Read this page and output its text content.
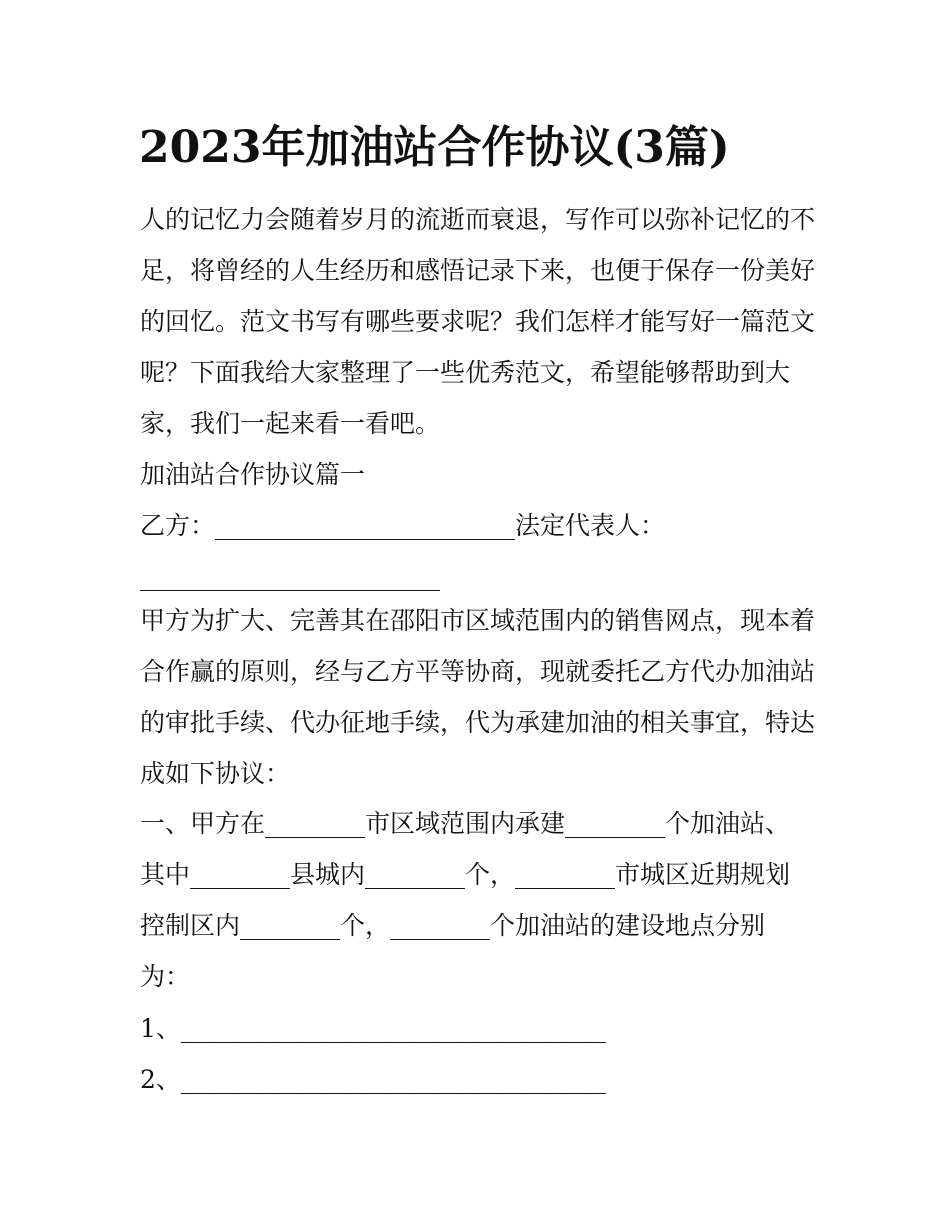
2023年加油站合作协议(3篇)

人的记忆力会随着岁月的流逝而衰退，写作可以弥补记忆的不

足，将曾经的人生经历和感悟记录下来，也便于保存一份美好

的回忆。范文书写有哪些要求呢？我们怎样才能写好一篇范文

呢？下面我给大家整理了一些优秀范文，希望能够帮助到大

家，我们一起来看一看吧。

加油站合作协议篇一

乙方：________________________法定代表人：

________________________

甲方为扩大、完善其在邵阳市区域范围内的销售网点，现本着

合作赢的原则，经与乙方平等协商，现就委托乙方代办加油站

的审批手续、代办征地手续，代为承建加油的相关事宜，特达

成如下协议：

一、甲方在________市区域范围内承建________个加油站、

其中________县城内________个，________市城区近期规划

控制区内________个，________个加油站的建设地点分别

为：

1、__________________________________

2、__________________________________
